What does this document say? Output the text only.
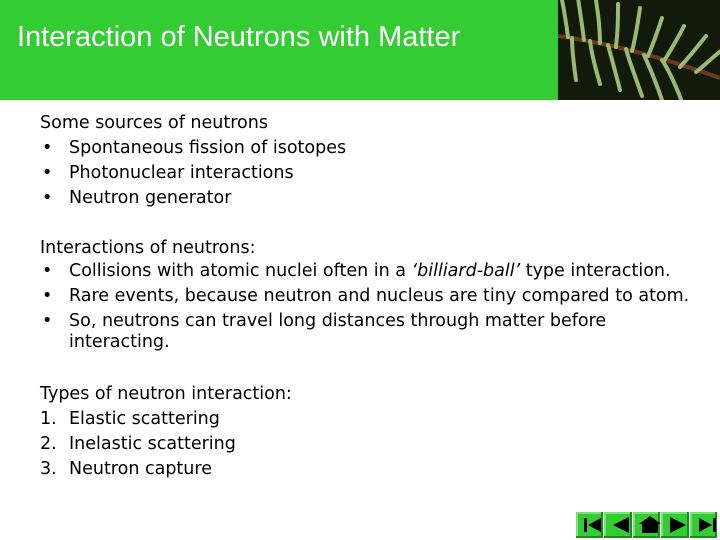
Interaction of Neutrons with Matter
Some sources of neutrons
• Spontaneous fission of isotopes
• Photonuclear interactions
• Neutron generator
Interactions of neutrons:
• Collisions with atomic nuclei often in a ‘billiard-ball’ type interaction.
• Rare events, because neutron and nucleus are tiny compared to atom.
• So, neutrons can travel long distances through matter before interacting.
Types of neutron interaction:
1. Elastic scattering
2. Inelastic scattering
3. Neutron capture
